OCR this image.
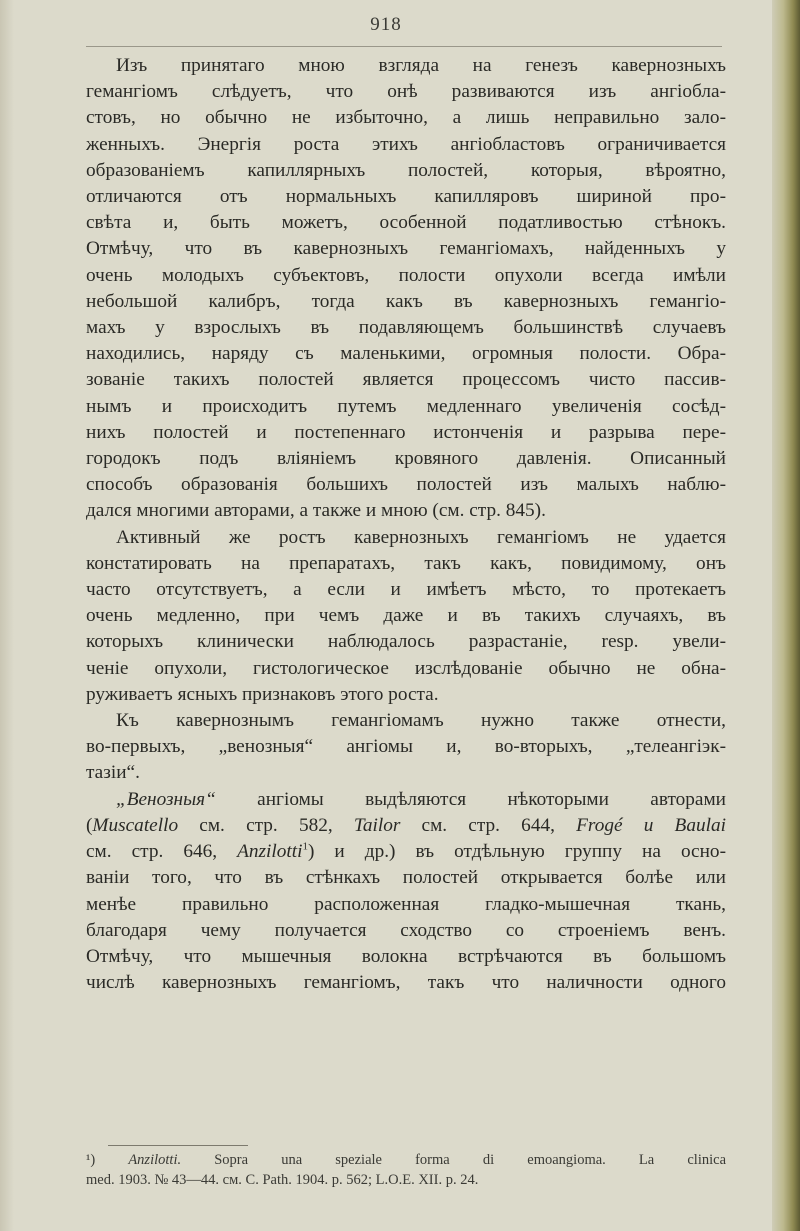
918
Изъ принятаго мною взгляда на генезъ кавернозныхъ
гемангіомъ слѣдуетъ, что онѣ развиваются изъ ангiобла-
стовъ, но обычно не избыточно, а лишь неправильно зало-
женныхъ. Энергія роста этихъ ангiобластовъ ограничивается
образованіемъ капиллярныхъ полостей, которыя, вѣроятно,
отличаются отъ нормальныхъ капилляровъ шириной про-
свѣта и, быть можетъ, особенной податливостью стѣнокъ.
Отмѣчу, что въ кавернозныхъ гемангіомахъ, найденныхъ у
очень молодыхъ субъектовъ, полости опухоли всегда имѣли
небольшой калибръ, тогда какъ въ кавернозныхъ гемангіо-
махъ у взрослыхъ въ подавляющемъ большинствѣ случаевъ
находились, наряду съ маленькими, огромныя полости. Обра-
зованіе такихъ полостей является процессомъ чисто пассив-
нымъ и происходитъ путемъ медленнаго увеличенія сосѣд-
нихъ полостей и постепеннаго истонченія и разрыва пере-
городокъ подъ вліяніемъ кровяного давленія. Описанный
способъ образованія большихъ полостей изъ малыхъ наблю-
дался многими авторами, а также и мною (см. стр. 845).
Активный же ростъ кавернозныхъ гемангіомъ не удается
констатировать на препаратахъ, такъ какъ, повидимому, онъ
часто отсутствуетъ, а если и имѣетъ мѣсто, то протекаетъ
очень медленно, при чемъ даже и въ такихъ случаяхъ, въ
которыхъ клинически наблюдалось разрастаніе, resp. увели-
ченіе опухоли, гистологическое изслѣдованіе обычно не обна-
руживаетъ ясныхъ признаковъ этого роста.
Къ кавернознымъ гемангіомамъ нужно также отнести,
во-первыхъ, „венозныя“ ангіомы и, во-вторыхъ, „телеангіэк-
тазіи“.
„Венозныя“ ангіомы выдѣляются нѣкоторыми авторами
(Muscatello см. стр. 582, Tailor см. стр. 644, Frogé и Baulai
см. стр. 646, Anzilotti$^1$) и др.) въ отдѣльную группу на осно-
ваніи того, что въ стѣнкахъ полостей открывается болѣе или
менѣе правильно расположенная гладко-мышечная ткань,
благодаря чему получается сходство со строеніемъ венъ.
Отмѣчу, что мышечныя волокна встрѣчаются въ большомъ
числѣ кавернозныхъ гемангіомъ, такъ что наличности одного
¹) Anzilotti. Sopra una speziale forma di emoangioma. La clinica
med. 1903. № 43—44. см. C. Path. 1904. p. 562; L.O.E. XII. p. 24.
